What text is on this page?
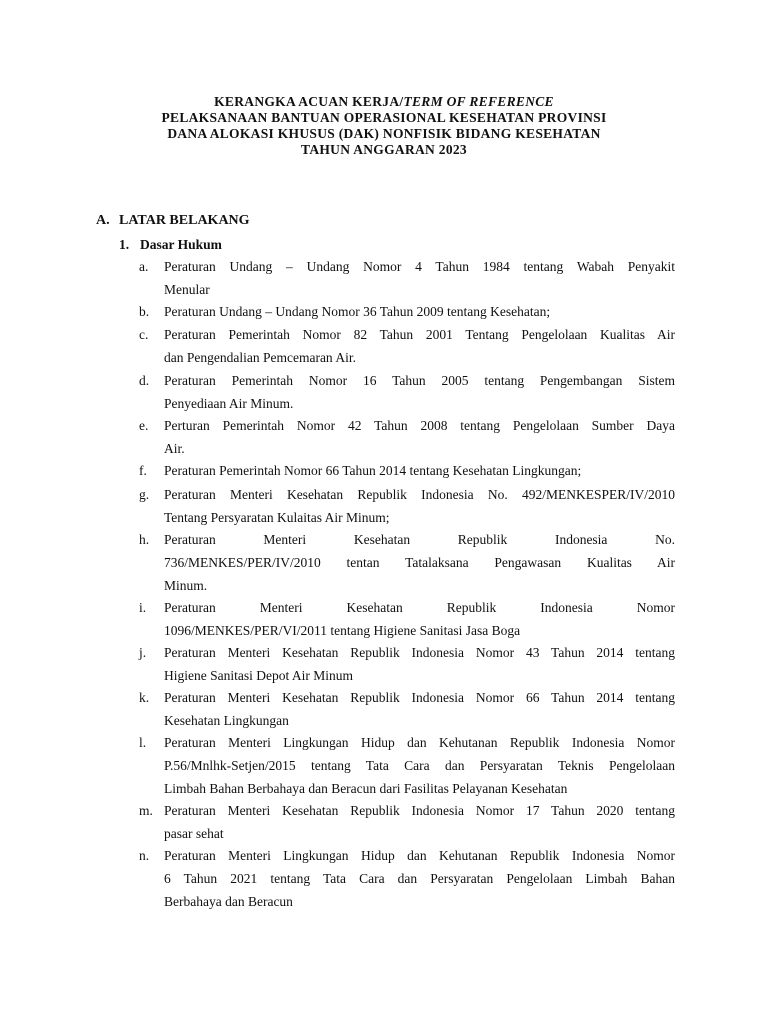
KERANGKA ACUAN KERJA/TERM OF REFERENCE
PELAKSANAAN BANTUAN OPERASIONAL KESEHATAN PROVINSI
DANA ALOKASI KHUSUS (DAK) NONFISIK BIDANG KESEHATAN
TAHUN ANGGARAN 2023
A. LATAR BELAKANG
1. Dasar Hukum
a. Peraturan Undang – Undang Nomor 4 Tahun 1984 tentang Wabah Penyakit
Menular
b. Peraturan Undang – Undang Nomor 36 Tahun 2009 tentang Kesehatan;
c. Peraturan Pemerintah Nomor 82 Tahun 2001 Tentang Pengelolaan Kualitas Air
dan Pengendalian Pemcemaran Air.
d. Peraturan Pemerintah Nomor 16 Tahun 2005 tentang Pengembangan Sistem
Penyediaan Air Minum.
e. Perturan Pemerintah Nomor 42 Tahun 2008 tentang Pengelolaan Sumber Daya
Air.
f. Peraturan Pemerintah Nomor 66 Tahun 2014 tentang Kesehatan Lingkungan;
g. Peraturan Menteri Kesehatan Republik Indonesia No. 492/MENKESPER/IV/2010
Tentang Persyaratan Kulaitas Air Minum;
h. Peraturan Menteri Kesehatan Republik Indonesia No.
736/MENKES/PER/IV/2010 tentan Tatalaksana Pengawasan Kualitas Air
Minum.
i. Peraturan Menteri Kesehatan Republik Indonesia Nomor
1096/MENKES/PER/VI/2011 tentang Higiene Sanitasi Jasa Boga
j. Peraturan Menteri Kesehatan Republik Indonesia Nomor 43 Tahun 2014 tentang
Higiene Sanitasi Depot Air Minum
k. Peraturan Menteri Kesehatan Republik Indonesia Nomor 66 Tahun 2014 tentang
Kesehatan Lingkungan
l. Peraturan Menteri Lingkungan Hidup dan Kehutanan Republik Indonesia Nomor
P.56/Mnlhk-Setjen/2015 tentang Tata Cara dan Persyaratan Teknis Pengelolaan
Limbah Bahan Berbahaya dan Beracun dari Fasilitas Pelayanan Kesehatan
m. Peraturan Menteri Kesehatan Republik Indonesia Nomor 17 Tahun 2020 tentang
pasar sehat
n. Peraturan Menteri Lingkungan Hidup dan Kehutanan Republik Indonesia Nomor
6 Tahun 2021 tentang Tata Cara dan Persyaratan Pengelolaan Limbah Bahan
Berbahaya dan Beracun
